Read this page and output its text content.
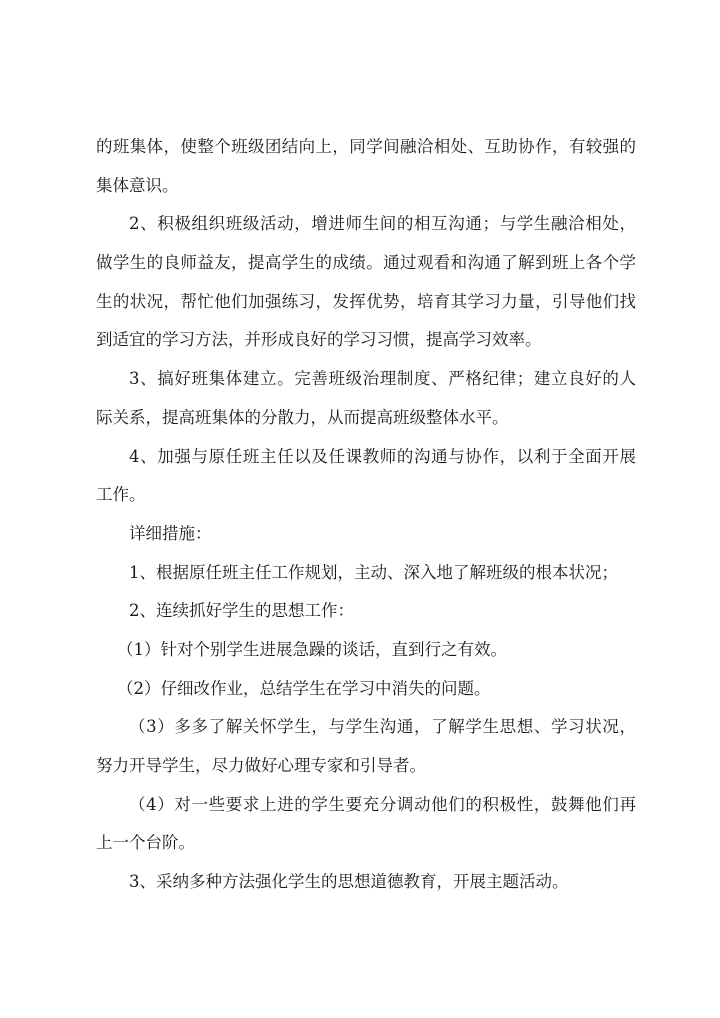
的班集体，使整个班级团结向上，同学间融洽相处、互助协作，有较强的
集体意识。
2、积极组织班级活动，增进师生间的相互沟通；与学生融洽相处，
做学生的良师益友，提高学生的成绩。通过观看和沟通了解到班上各个学
生的状况，帮忙他们加强练习，发挥优势，培育其学习力量，引导他们找
到适宜的学习方法，并形成良好的学习习惯，提高学习效率。
3、搞好班集体建立。完善班级治理制度、严格纪律；建立良好的人
际关系，提高班集体的分散力，从而提高班级整体水平。
4、加强与原任班主任以及任课教师的沟通与协作，以利于全面开展
工作。
详细措施：
1、根据原任班主任工作规划，主动、深入地了解班级的根本状况；
2、连续抓好学生的思想工作：
（1）针对个别学生进展急躁的谈话，直到行之有效。
（2）仔细改作业，总结学生在学习中消失的问题。
（3）多多了解关怀学生，与学生沟通，了解学生思想、学习状况，
努力开导学生，尽力做好心理专家和引导者。
（4）对一些要求上进的学生要充分调动他们的积极性，鼓舞他们再
上一个台阶。
3、采纳多种方法强化学生的思想道德教育，开展主题活动。
